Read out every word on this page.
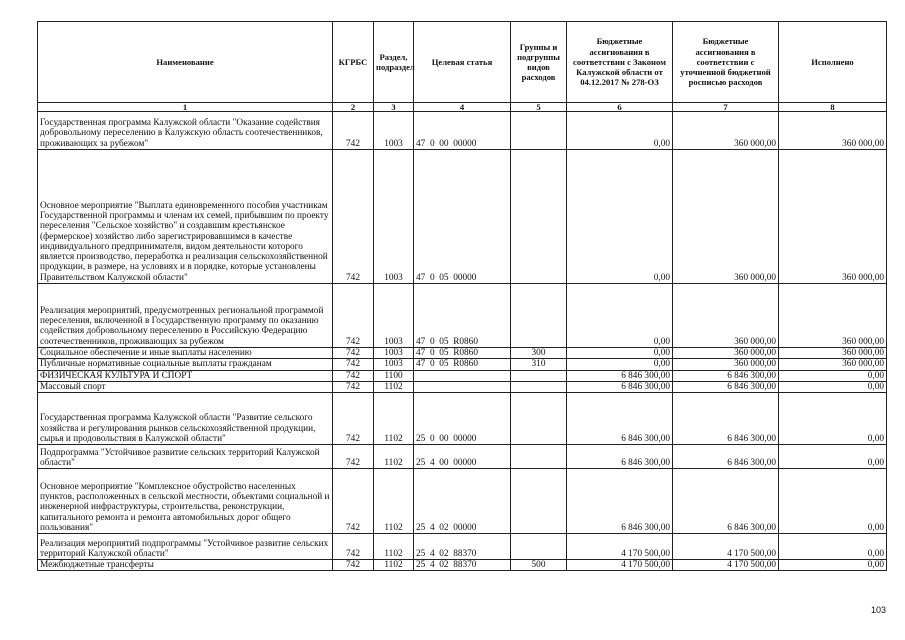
Наименование	КГРБС	Раздел, подраздел	Целевая статья	Группы и подгруппы видов расходов	Бюджетные ассигнования в соответствии с Законом Калужской области от 04.12.2017 № 278-ОЗ	Бюджетные ассигнования в соответствии с уточненной бюджетной росписью расходов	Исполнено
1	2	3	4	5	6	7	8
Государственная программа Калужской области "Оказание содействия добровольному переселению в Калужскую область соотечественников, проживающих за рубежом"	742	1003	47  0  00  00000		0,00	360 000,00	360 000,00
Основное мероприятие "Выплата единовременного пособия участникам Государственной программы и членам их семей, прибывшим по проекту переселения "Сельское хозяйство" и создавшим крестьянское (фермерское) хозяйство либо зарегистрировавшимся в качестве индивидуального предпринимателя, видом деятельности которого является производство, переработка и реализация сельскохозяйственной продукции, в размере, на условиях и в порядке, которые установлены Правительством Калужской области"	742	1003	47  0  05  00000		0,00	360 000,00	360 000,00
Реализация мероприятий, предусмотренных региональной программой переселения, включенной в Государственную программу по оказанию содействия добровольному переселению в Российскую Федерацию соотечественников, проживающих за рубежом	742	1003	47  0  05  R0860		0,00	360 000,00	360 000,00
Социальное обеспечение и иные выплаты населению	742	1003	47  0  05  R0860	300	0,00	360 000,00	360 000,00
Публичные нормативные социальные выплаты гражданам	742	1003	47  0  05  R0860	310	0,00	360 000,00	360 000,00
ФИЗИЧЕСКАЯ КУЛЬТУРА И СПОРТ	742	1100			6 846 300,00	6 846 300,00	0,00
Массовый спорт	742	1102			6 846 300,00	6 846 300,00	0,00
Государственная программа Калужской области "Развитие сельского хозяйства и регулирования рынков сельскохозяйственной продукции, сырья и продовольствия в Калужской области"	742	1102	25  0  00  00000		6 846 300,00	6 846 300,00	0,00
Подпрограмма "Устойчивое развитие сельских территорий Калужской области"	742	1102	25  4  00  00000		6 846 300,00	6 846 300,00	0,00
Основное мероприятие "Комплексное обустройство населенных пунктов, расположенных в сельской местности, объектами социальной и инженерной инфраструктуры, строительства, реконструкции, капитального ремонта и ремонта автомобильных дорог общего пользования"	742	1102	25  4  02  00000		6 846 300,00	6 846 300,00	0,00
Реализация мероприятий подпрограммы "Устойчивое развитие сельских территорий Калужской области"	742	1102	25  4  02  88370		4 170 500,00	4 170 500,00	0,00
Межбюджетные трансферты	742	1102	25  4  02  88370	500	4 170 500,00	4 170 500,00	0,00
103
